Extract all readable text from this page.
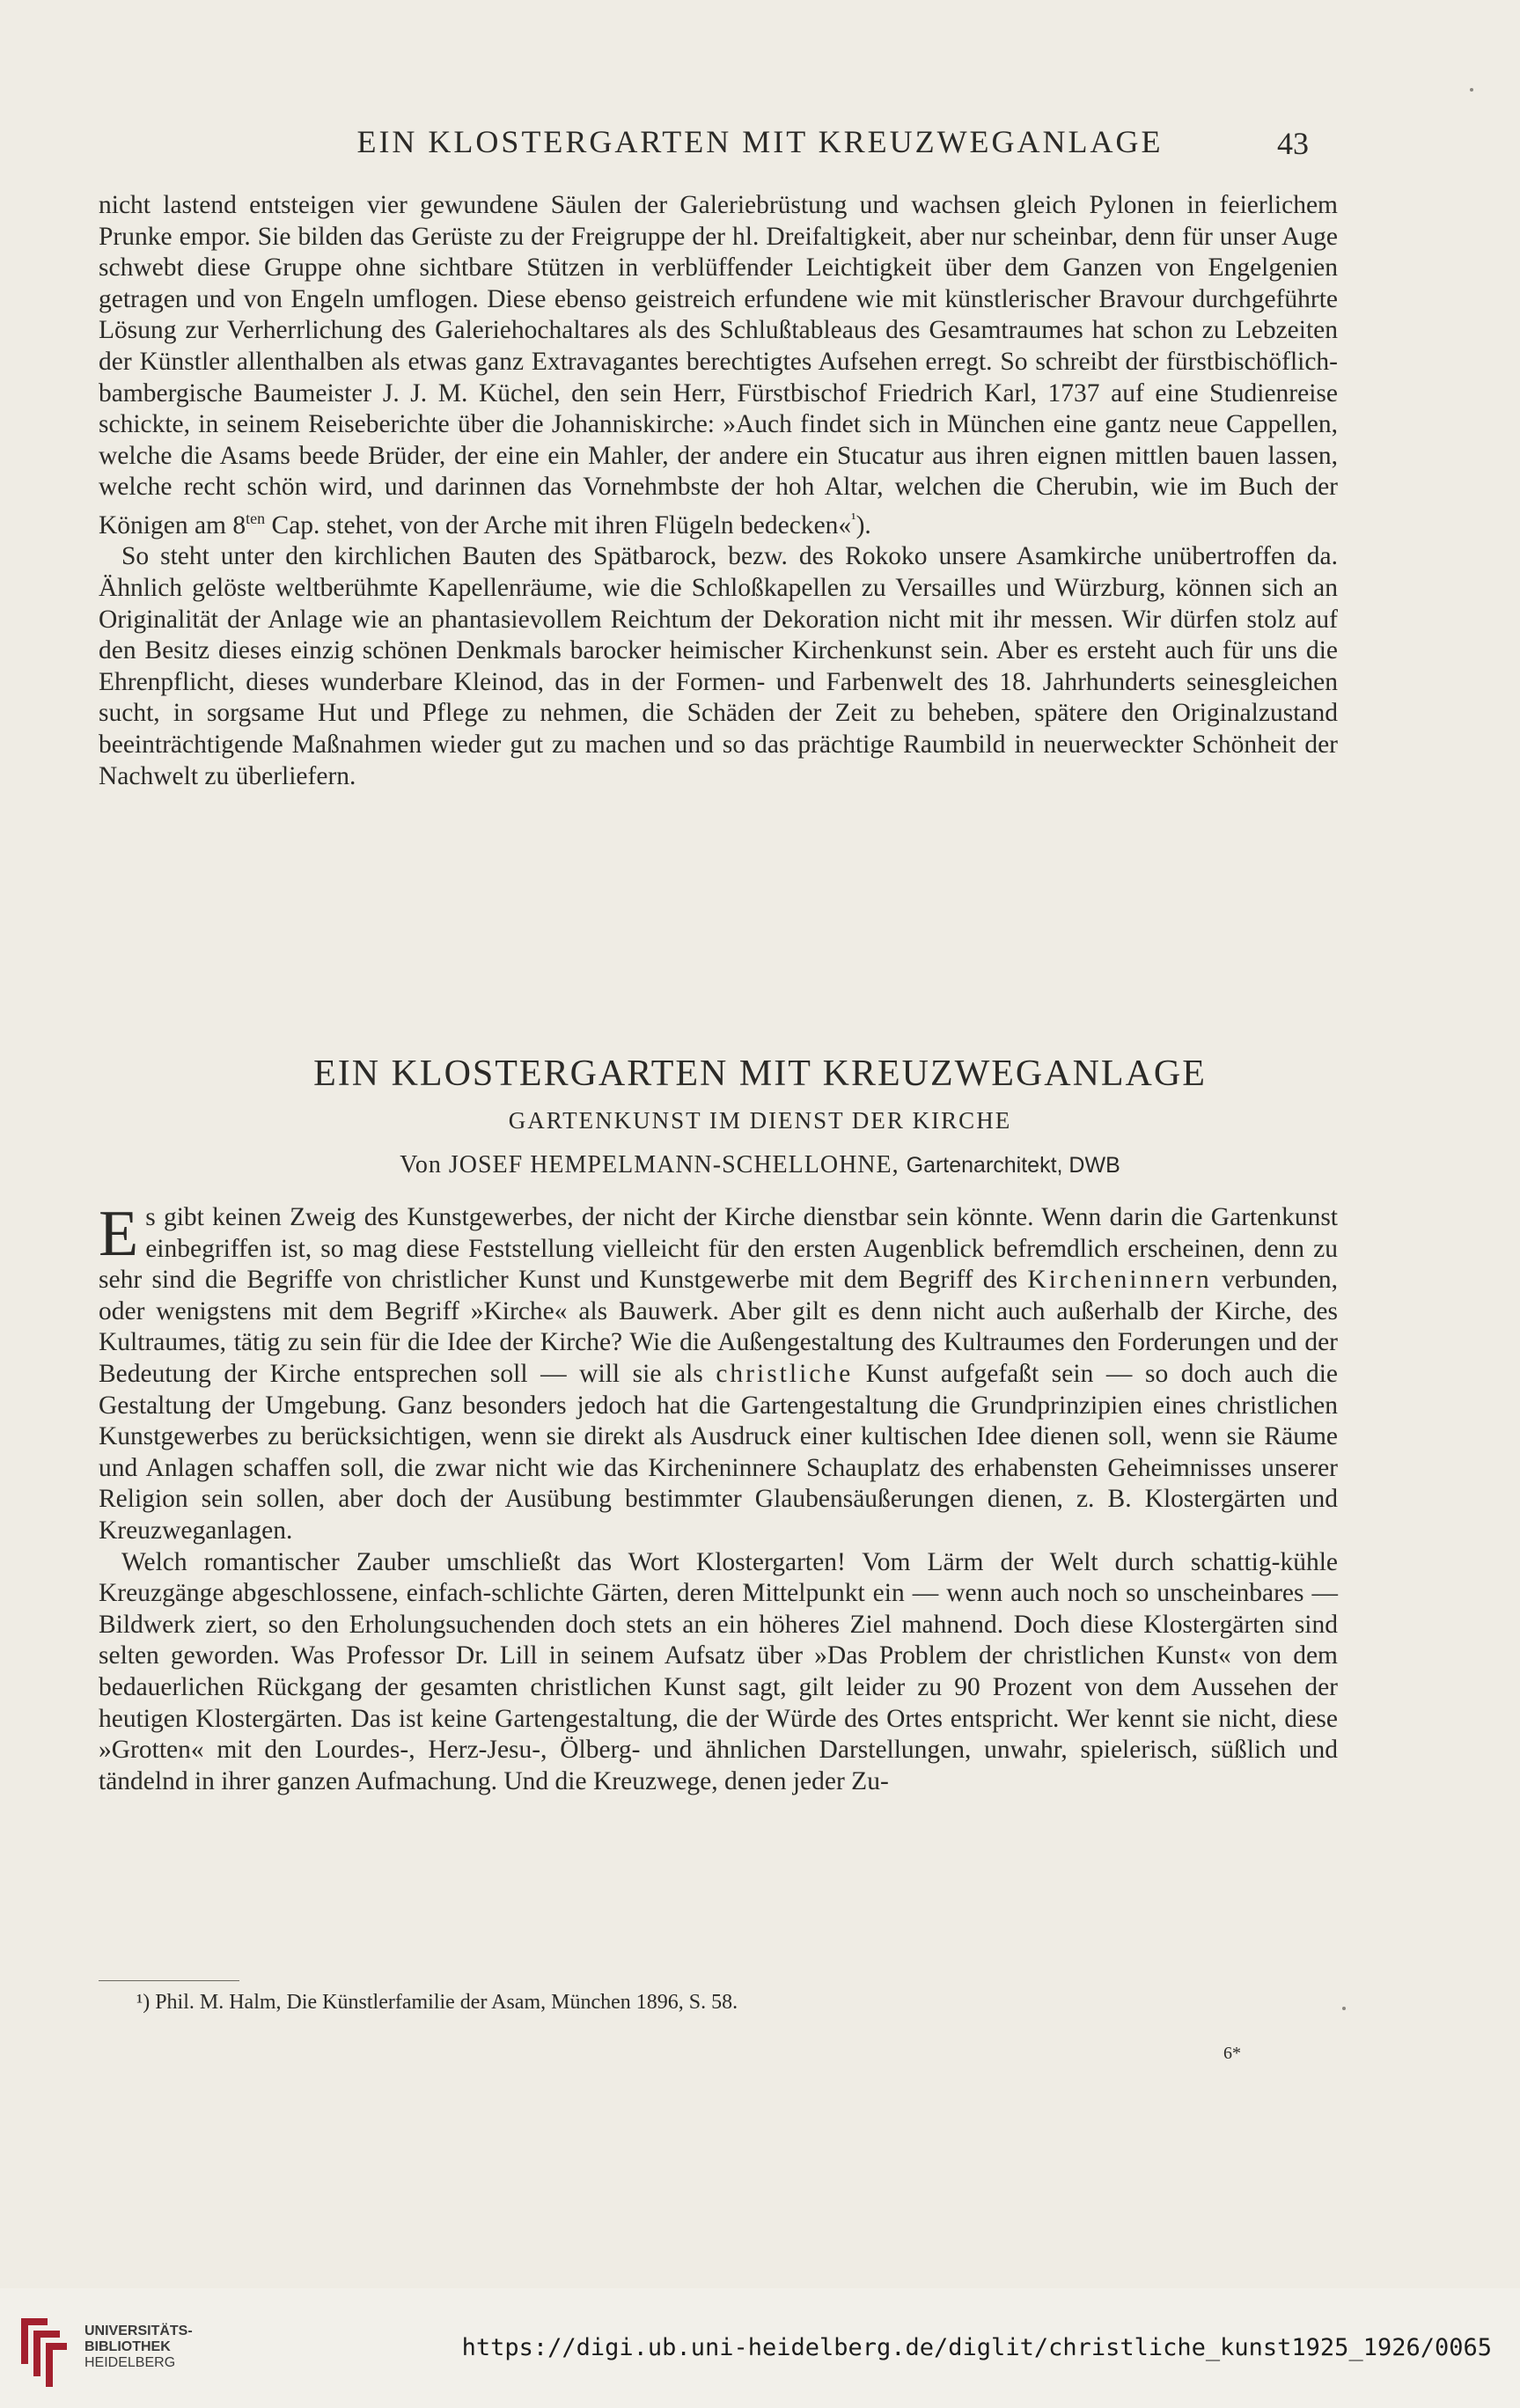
EIN KLOSTERGARTEN MIT KREUZWEGANLAGE	43

nicht lastend entsteigen vier gewundene Säulen der Galeriebrüstung und wachsen gleich Pylonen in feierlichem Prunke empor. Sie bilden das Gerüste zu der Freigruppe der hl. Dreifaltigkeit, aber nur scheinbar, denn für unser Auge schwebt diese Gruppe ohne sichtbare Stützen in verblüffender Leichtigkeit über dem Ganzen von Engelgenien getragen und von Engeln umflogen. Diese ebenso geistreich erfundene wie mit künstlerischer Bravour durchgeführte Lösung zur Verherrlichung des Galeriehochaltares als des Schlußtableaus des Gesamtraumes hat schon zu Lebzeiten der Künstler allenthalben als etwas ganz Extravagantes berechtigtes Aufsehen erregt. So schreibt der fürstbischöflich-bambergische Baumeister J. J. M. Küchel, den sein Herr, Fürstbischof Friedrich Karl, 1737 auf eine Studienreise schickte, in seinem Reiseberichte über die Johanniskirche: »Auch findet sich in München eine gantz neue Cappellen, welche die Asams beede Brüder, der eine ein Mahler, der andere ein Stucatur aus ihren eignen mittlen bauen lassen, welche recht schön wird, und darinnen das Vornehmbste der hoh Altar, welchen die Cherubin, wie im Buch der Königen am $8^{ten}$ Cap. stehet, von der Arche mit ihren Flügeln bedecken«$^{^1}$).

So steht unter den kirchlichen Bauten des Spätbarock, bezw. des Rokoko unsere Asamkirche unübertroffen da. Ähnlich gelöste weltberühmte Kapellenräume, wie die Schloßkapellen zu Versailles und Würzburg, können sich an Originalität der Anlage wie an phantasievollem Reichtum der Dekoration nicht mit ihr messen. Wir dürfen stolz auf den Besitz dieses einzig schönen Denkmals barocker heimischer Kirchenkunst sein. Aber es ersteht auch für uns die Ehrenpflicht, dieses wunderbare Kleinod, das in der Formen- und Farbenwelt des 18. Jahrhunderts seinesgleichen sucht, in sorgsame Hut und Pflege zu nehmen, die Schäden der Zeit zu beheben, spätere den Originalzustand beeinträchtigende Maßnahmen wieder gut zu machen und so das prächtige Raumbild in neuerweckter Schönheit der Nachwelt zu überliefern.

EIN KLOSTERGARTEN MIT KREUZWEGANLAGE
GARTENKUNST IM DIENST DER KIRCHE
Von JOSEF HEMPELMANN-SCHELLOHNE, Gartenarchitekt, DWB

Es gibt keinen Zweig des Kunstgewerbes, der nicht der Kirche dienstbar sein könnte. Wenn darin die Gartenkunst einbegriffen ist, so mag diese Feststellung vielleicht für den ersten Augenblick befremdlich erscheinen, denn zu sehr sind die Begriffe von christlicher Kunst und Kunstgewerbe mit dem Begriff des Kircheninnern verbunden, oder wenigstens mit dem Begriff »Kirche« als Bauwerk. Aber gilt es denn nicht auch außerhalb der Kirche, des Kultraumes, tätig zu sein für die Idee der Kirche? Wie die Außengestaltung des Kultraumes den Forderungen und der Bedeutung der Kirche entsprechen soll — will sie als christliche Kunst aufgefaßt sein — so doch auch die Gestaltung der Umgebung. Ganz besonders jedoch hat die Gartengestaltung die Grundprinzipien eines christlichen Kunstgewerbes zu berücksichtigen, wenn sie direkt als Ausdruck einer kultischen Idee dienen soll, wenn sie Räume und Anlagen schaffen soll, die zwar nicht wie das Kircheninnere Schauplatz des erhabensten Geheimnisses unserer Religion sein sollen, aber doch der Ausübung bestimmter Glaubensäußerungen dienen, z. B. Klostergärten und Kreuzweganlagen.

Welch romantischer Zauber umschließt das Wort Klostergarten! Vom Lärm der Welt durch schattig-kühle Kreuzgänge abgeschlossene, einfach-schlichte Gärten, deren Mittelpunkt ein — wenn auch noch so unscheinbares — Bildwerk ziert, so den Erholungsuchenden doch stets an ein höheres Ziel mahnend. Doch diese Klostergärten sind selten geworden. Was Professor Dr. Lill in seinem Aufsatz über »Das Problem der christlichen Kunst« von dem bedauerlichen Rückgang der gesamten christlichen Kunst sagt, gilt leider zu 90 Prozent von dem Aussehen der heutigen Klostergärten. Das ist keine Gartengestaltung, die der Würde des Ortes entspricht. Wer kennt sie nicht, diese »Grotten« mit den Lourdes-, Herz-Jesu-, Ölberg- und ähnlichen Darstellungen, unwahr, spielerisch, süßlich und tändelnd in ihrer ganzen Aufmachung. Und die Kreuzwege, denen jeder Zu-

¹) Phil. M. Halm, Die Künstlerfamilie der Asam, München 1896, S. 58.
6*
UNIVERSITÄTS-
BIBLIOTHEK
HEIDELBERG
https://digi.ub.uni-heidelberg.de/diglit/christliche_kunst1925_1926/0065
